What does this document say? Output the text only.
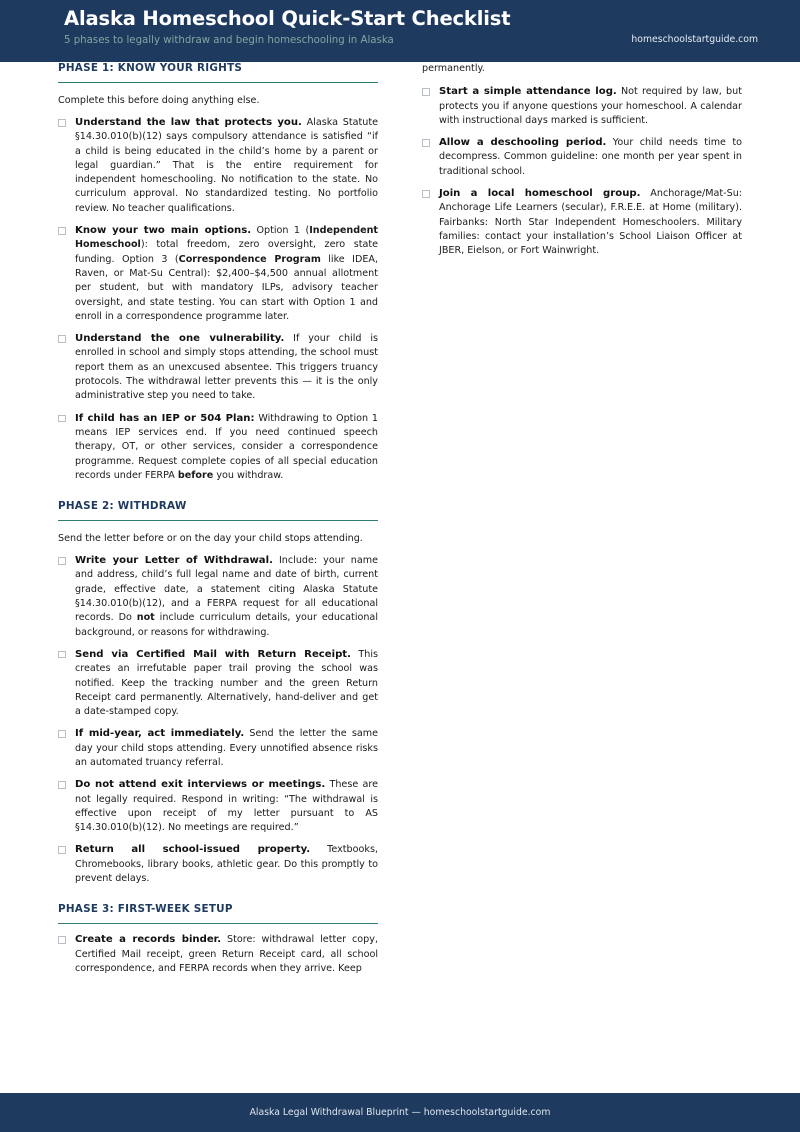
Alaska Homeschool Quick-Start Checklist
5 phases to legally withdraw and begin homeschooling in Alaska	homeschoolstartguide.com
PHASE 1: KNOW YOUR RIGHTS

Complete this before doing anything else.

Understand the law that protects you. Alaska Statute §14.30.010(b)(12) says compulsory attendance is satisfied “if a child is being educated in the child’s home by a parent or legal guardian.” That is the entire requirement for independent homeschooling. No notification to the state. No curriculum approval. No standardized testing. No portfolio review. No teacher qualifications.
Know your two main options. Option 1 (Independent Homeschool): total freedom, zero oversight, zero state funding. Option 3 (Correspondence Program like IDEA, Raven, or Mat-Su Central): $2,400–$4,500 annual allotment per student, but with mandatory ILPs, advisory teacher oversight, and state testing. You can start with Option 1 and enroll in a correspondence programme later.
Understand the one vulnerability. If your child is enrolled in school and simply stops attending, the school must report them as an unexcused absentee. This triggers truancy protocols. The withdrawal letter prevents this — it is the only administrative step you need to take.
If child has an IEP or 504 Plan: Withdrawing to Option 1 means IEP services end. If you need continued speech therapy, OT, or other services, consider a correspondence programme. Request complete copies of all special education records under FERPA before you withdraw.
PHASE 2: WITHDRAW

Send the letter before or on the day your child stops attending.

Write your Letter of Withdrawal. Include: your name and address, child’s full legal name and date of birth, current grade, effective date, a statement citing Alaska Statute §14.30.010(b)(12), and a FERPA request for all educational records. Do not include curriculum details, your educational background, or reasons for withdrawing.
Send via Certified Mail with Return Receipt. This creates an irrefutable paper trail proving the school was notified. Keep the tracking number and the green Return Receipt card permanently. Alternatively, hand-deliver and get a date-stamped copy.
If mid-year, act immediately. Send the letter the same day your child stops attending. Every unnotified absence risks an automated truancy referral.
Do not attend exit interviews or meetings. These are not legally required. Respond in writing: “The withdrawal is effective upon receipt of my letter pursuant to AS §14.30.010(b)(12). No meetings are required.”
Return all school-issued property. Textbooks, Chromebooks, library books, athletic gear. Do this promptly to prevent delays.
PHASE 3: FIRST-WEEK SETUP
Create a records binder. Store: withdrawal letter copy, Certified Mail receipt, green Return Receipt card, all school correspondence, and FERPA records when they arrive. Keep

permanently.

Start a simple attendance log. Not required by law, but protects you if anyone questions your homeschool. A calendar with instructional days marked is sufficient.
Allow a deschooling period. Your child needs time to decompress. Common guideline: one month per year spent in traditional school.
Join a local homeschool group. Anchorage/Mat-Su: Anchorage Life Learners (secular), F.R.E.E. at Home (military). Fairbanks: North Star Independent Homeschoolers. Military families: contact your installation’s School Liaison Officer at JBER, Eielson, or Fort Wainwright.
Alaska Legal Withdrawal Blueprint — homeschoolstartguide.com
